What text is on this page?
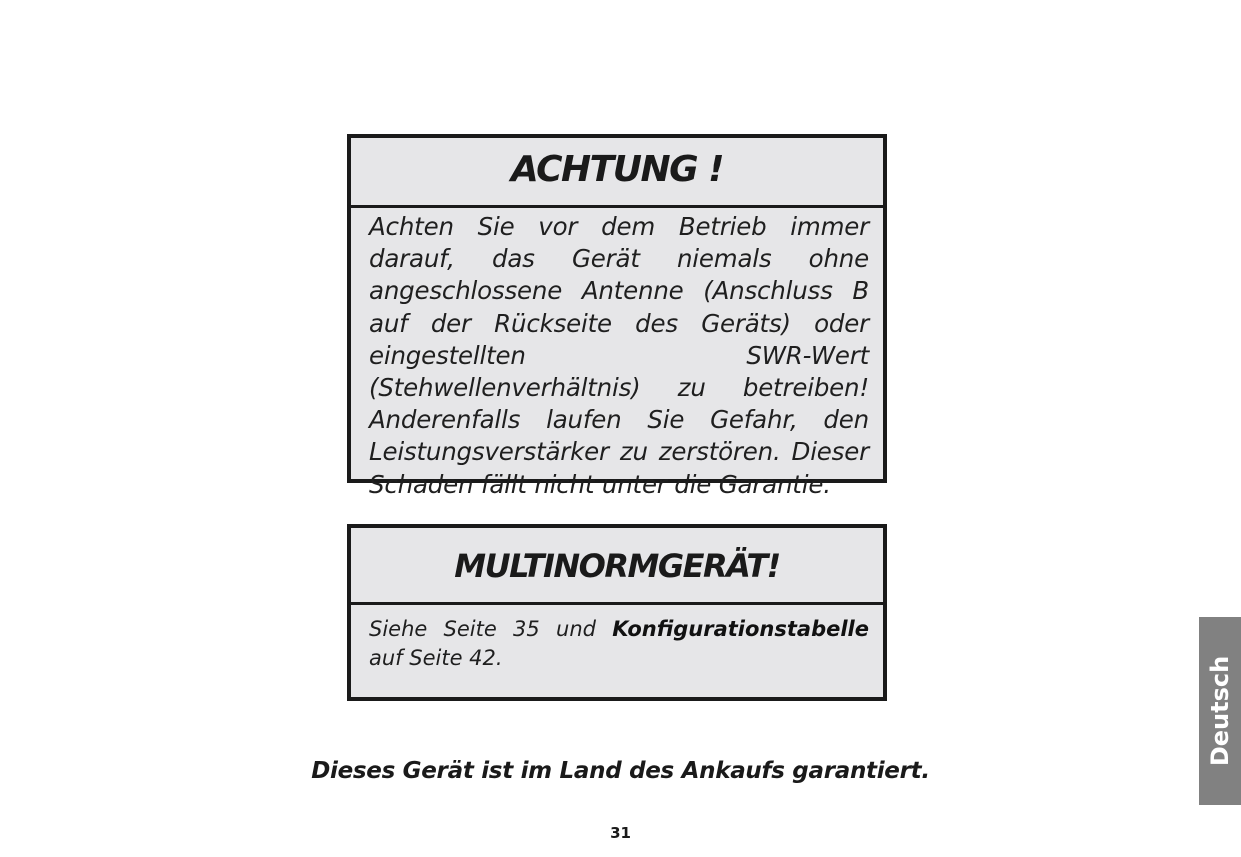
ACHTUNG !
Achten Sie vor dem Betrieb immer darauf, das Gerät niemals ohne angeschlossene Antenne (Anschluss B auf der Rückseite des Geräts) oder eingestellten SWR-Wert (Stehwellenverhältnis) zu betreiben! Anderenfalls laufen Sie Gefahr, den Leistungsverstärker zu zerstören. Dieser Schaden fällt nicht unter die Garantie.
MULTINORMGERÄT!
Siehe Seite 35 und Konfigurationstabelle auf Seite 42.
Dieses Gerät ist im Land des Ankaufs garantiert.
31
Deutsch
